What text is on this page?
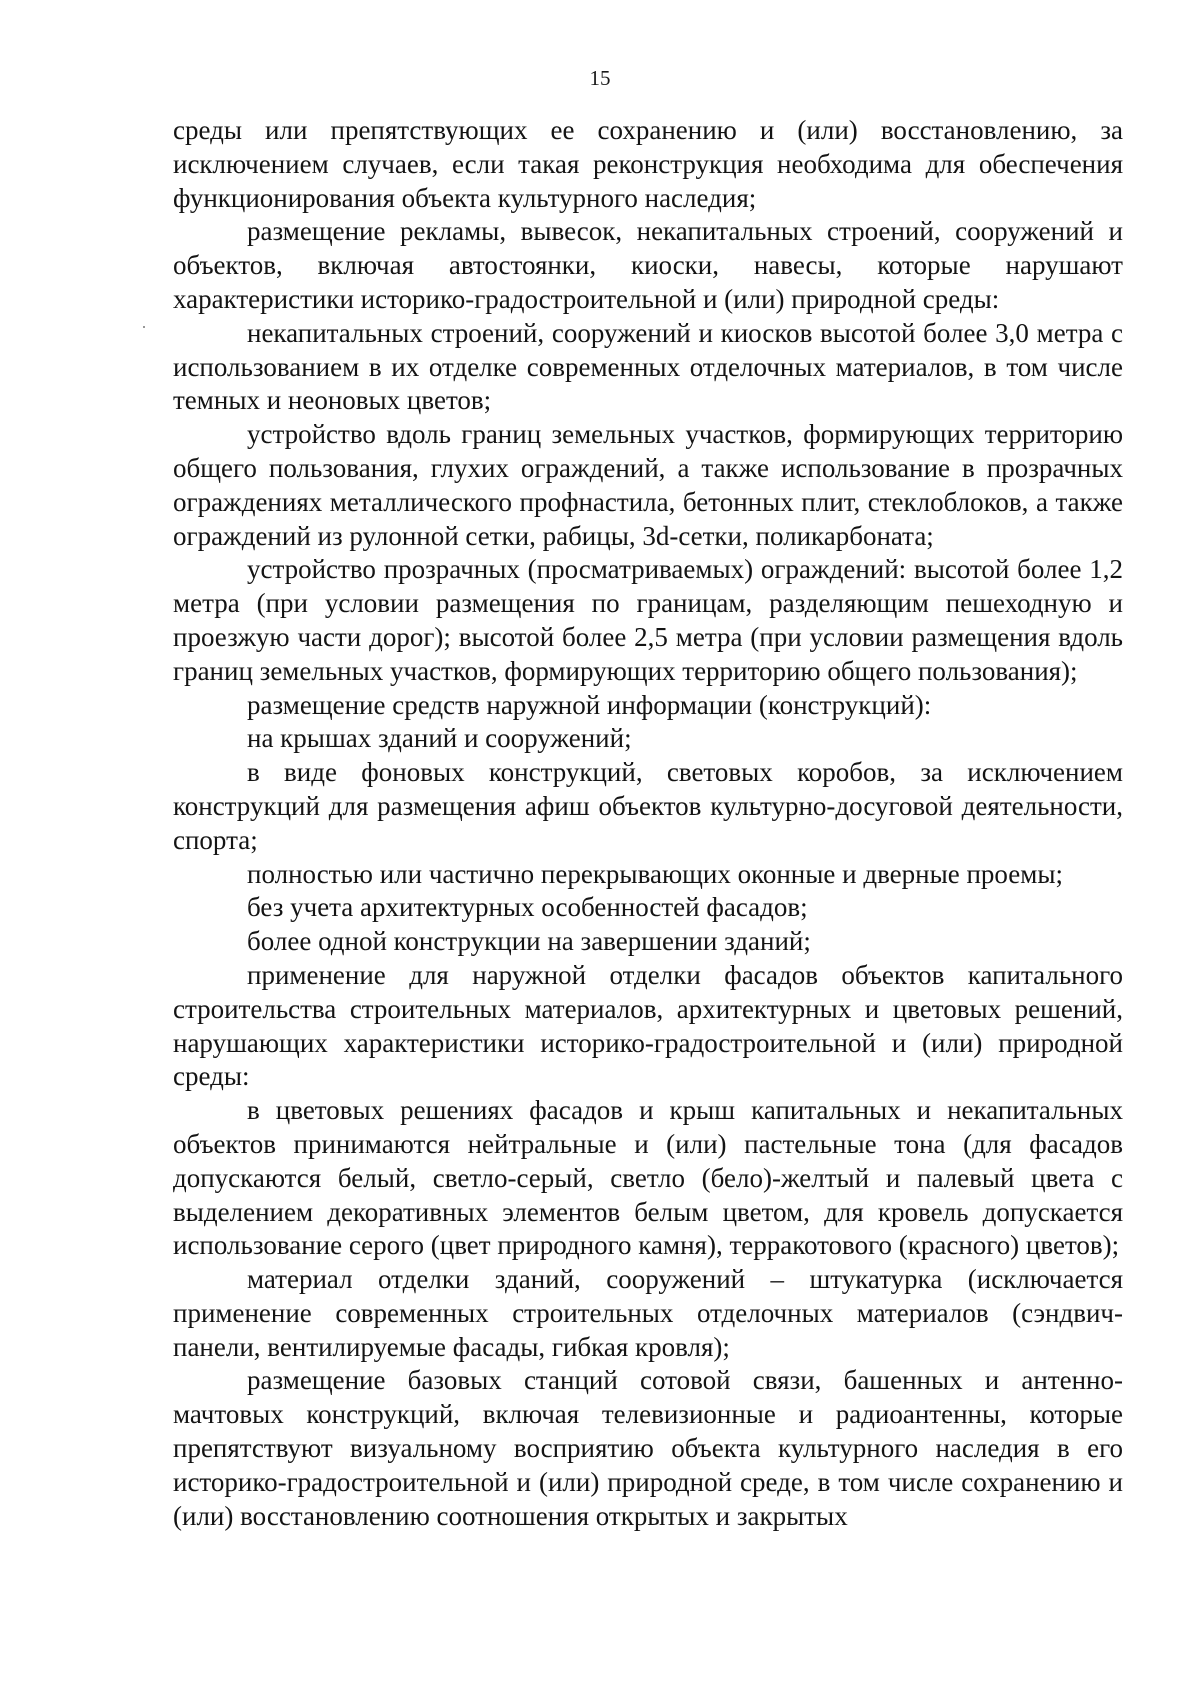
15

среды или препятствующих ее сохранению и (или) восстановлению, за исключением случаев, если такая реконструкция необходима для обеспечения функционирования объекта культурного наследия;

размещение рекламы, вывесок, некапитальных строений, сооружений и объектов, включая автостоянки, киоски, навесы, которые нарушают характеристики историко-градостроительной и (или) природной среды:

некапитальных строений, сооружений и киосков высотой более 3,0 метра с использованием в их отделке современных отделочных материалов, в том числе темных и неоновых цветов;

устройство вдоль границ земельных участков, формирующих территорию общего пользования, глухих ограждений, а также использование в прозрачных ограждениях металлического профнастила, бетонных плит, стеклоблоков, а также ограждений из рулонной сетки, рабицы, 3d-сетки, поликарбоната;

устройство прозрачных (просматриваемых) ограждений: высотой более 1,2 метра (при условии размещения по границам, разделяющим пешеходную и проезжую части дорог); высотой более 2,5 метра (при условии размещения вдоль границ земельных участков, формирующих территорию общего пользования);

размещение средств наружной информации (конструкций):

на крышах зданий и сооружений;

в виде фоновых конструкций, световых коробов, за исключением конструкций для размещения афиш объектов культурно-досуговой деятельности, спорта;

полностью или частично перекрывающих оконные и дверные проемы;

без учета архитектурных особенностей фасадов;

более одной конструкции на завершении зданий;

применение для наружной отделки фасадов объектов капитального строительства строительных материалов, архитектурных и цветовых решений, нарушающих характеристики историко-градостроительной и (или) природной среды:

в цветовых решениях фасадов и крыш капитальных и некапитальных объектов принимаются нейтральные и (или) пастельные тона (для фасадов допускаются белый, светло-серый, светло (бело)-желтый и палевый цвета с выделением декоративных элементов белым цветом, для кровель допускается использование серого (цвет природного камня), терракотового (красного) цветов);

материал отделки зданий, сооружений – штукатурка (исключается применение современных строительных отделочных материалов (сэндвич-панели, вентилируемые фасады, гибкая кровля);

размещение базовых станций сотовой связи, башенных и антенно-мачтовых конструкций, включая телевизионные и радиоантенны, которые препятствуют визуальному восприятию объекта культурного наследия в его историко-градостроительной и (или) природной среде, в том числе сохранению и (или) восстановлению соотношения открытых и закрытых
